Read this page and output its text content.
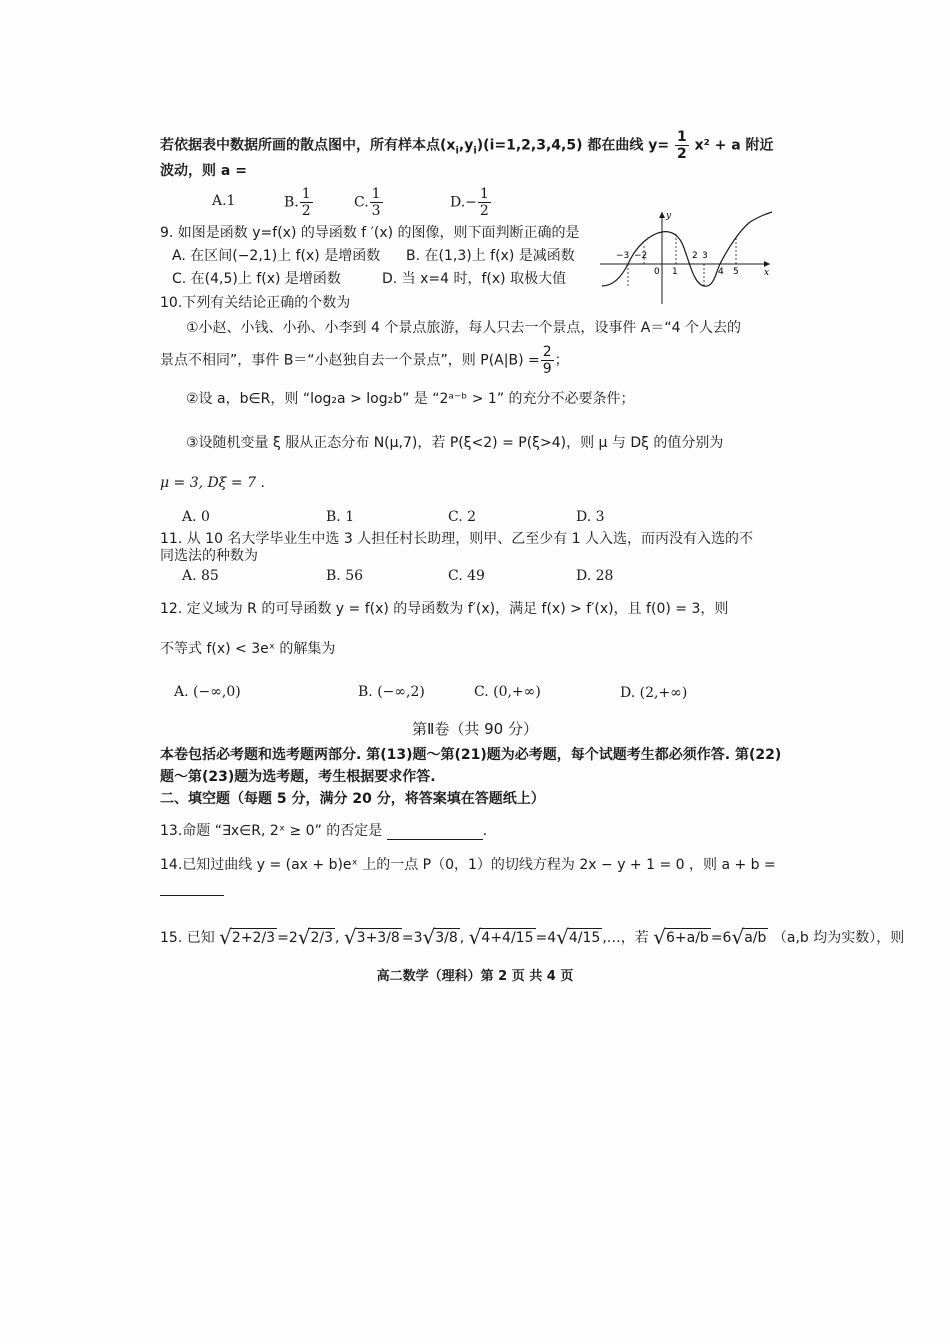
若依据表中数据所画的散点图中，所有样本点$(x_i,y_i)(i=1,2,3,4,5)$ 都在曲线 $y= \frac{1}{2} x^2 + a$ 附近
波动，则 a =
A.1	B. $\frac{1}{2}$	C. $\frac{1}{3}$	$D.- \frac{1}{2}$
9. 如图是函数 y=f(x) 的导函数 f ′(x) 的图像，则下面判断正确的是
A. 在区间(−2,1)上 f(x) 是增函数 B. 在(1,3)上 f(x) 是减函数
C. 在(4,5)上 f(x) 是增函数	D. 当 x=4 时，f(x) 取极大值
y
x
0
−3 −2
1
2 3
4 5
10.下列有关结论正确的个数为
①小赵、小钱、小孙、小李到 4 个景点旅游，每人只去一个景点，设事件 A＝“4 个人去的
景点不相同”，事件 B＝“小赵独自去一个景点”，则 $P(A|B) = \frac{2}{9}$ ；
②设 a，b∈R，则 “log₂a > log₂b” 是 “2ᵃ⁻ᵇ > 1” 的充分不必要条件；
③设随机变量 ξ 服从正态分布 N(μ,7)，若 P(ξ<2) = P(ξ>4)，则 μ 与 Dξ 的值分别为
μ = 3, Dξ = 7 .
A. 0	B. 1	C. 2	D. 3
11. 从 10 名大学毕业生中选 3 人担任村长助理，则甲、乙至少有 1 人入选，而丙没有入选的不
同选法的种数为
A. 85	B. 56	C. 49	D. 28
12. 定义域为 R 的可导函数 y = f(x) 的导函数为 f′(x)，满足 f(x) > f′(x)，且 f(0) = 3，则
不等式 f(x) < 3eˣ 的解集为
A. (−∞,0)	B. (−∞,2)	C. (0,+∞)	D. (2,+∞)
第Ⅱ卷（共 90 分）
本卷包括必考题和选考题两部分. 第(13)题～第(21)题为必考题，每个试题考生都必须作答. 第(22)
题～第(23)题为选考题，考生根据要求作答.
二、填空题（每题 5 分，满分 20 分，将答案填在答题纸上）
13.命题 “∃x∈R, 2ˣ ≥ 0” 的否定是	.
14.已知过曲线 y = (ax + b)eˣ 上的一点 P（0，1）的切线方程为 2x − y + 1 = 0 ，则 a + b =
15. 已知 √2+2/3 =2√2/3 , √3+3/8 =3√3/8 , √4+4/15 =4√4/15 ,…，若 √6+a/b =6√a/b （a,b 均为实数），则
高二数学（理科）第 2 页 共 4 页
